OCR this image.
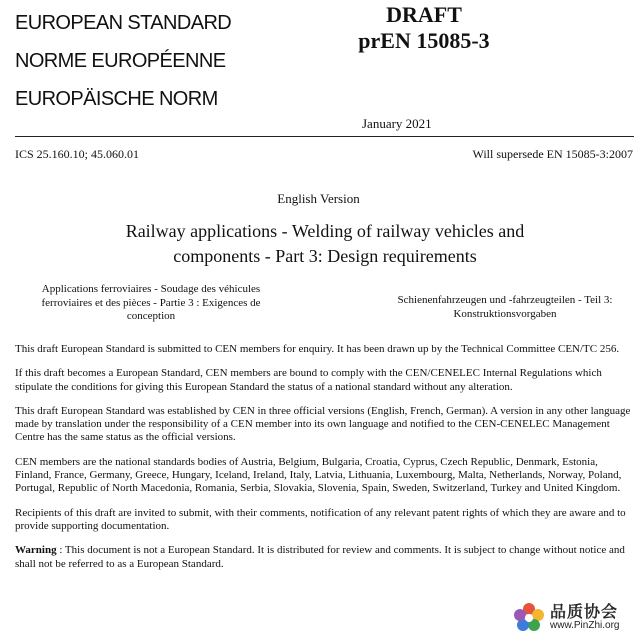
EUROPEAN STANDARD
NORME EUROPÉENNE
EUROPÄISCHE NORM
DRAFT
prEN 15085-3
January 2021
ICS 25.160.10; 45.060.01	Will supersede EN 15085-3:2007
English Version
Railway applications - Welding of railway vehicles and
components - Part 3: Design requirements
Applications ferroviaires - Soudage des véhicules
ferroviaires et des pièces - Partie 3 : Exigences de
conception
Schienenfahrzeugen und -fahrzeugteilen - Teil 3:
Konstruktionsvorgaben

This draft European Standard is submitted to CEN members for enquiry. It has been drawn up by the Technical Committee CEN/TC 256.

If this draft becomes a European Standard, CEN members are bound to comply with the CEN/CENELEC Internal Regulations which stipulate the conditions for giving this European Standard the status of a national standard without any alteration.

This draft European Standard was established by CEN in three official versions (English, French, German). A version in any other language made by translation under the responsibility of a CEN member into its own language and notified to the CEN-CENELEC Management Centre has the same status as the official versions.

CEN members are the national standards bodies of Austria, Belgium, Bulgaria, Croatia, Cyprus, Czech Republic, Denmark, Estonia, Finland, France, Germany, Greece, Hungary, Iceland, Ireland, Italy, Latvia, Lithuania, Luxembourg, Malta, Netherlands, Norway, Poland, Portugal, Republic of North Macedonia, Romania, Serbia, Slovakia, Slovenia, Spain, Sweden, Switzerland, Turkey and United Kingdom.

Recipients of this draft are invited to submit, with their comments, notification of any relevant patent rights of which they are aware and to provide supporting documentation.

Warning : This document is not a European Standard. It is distributed for review and comments. It is subject to change without notice and shall not be referred to as a European Standard.

品质协会
www.PinZhi.org
